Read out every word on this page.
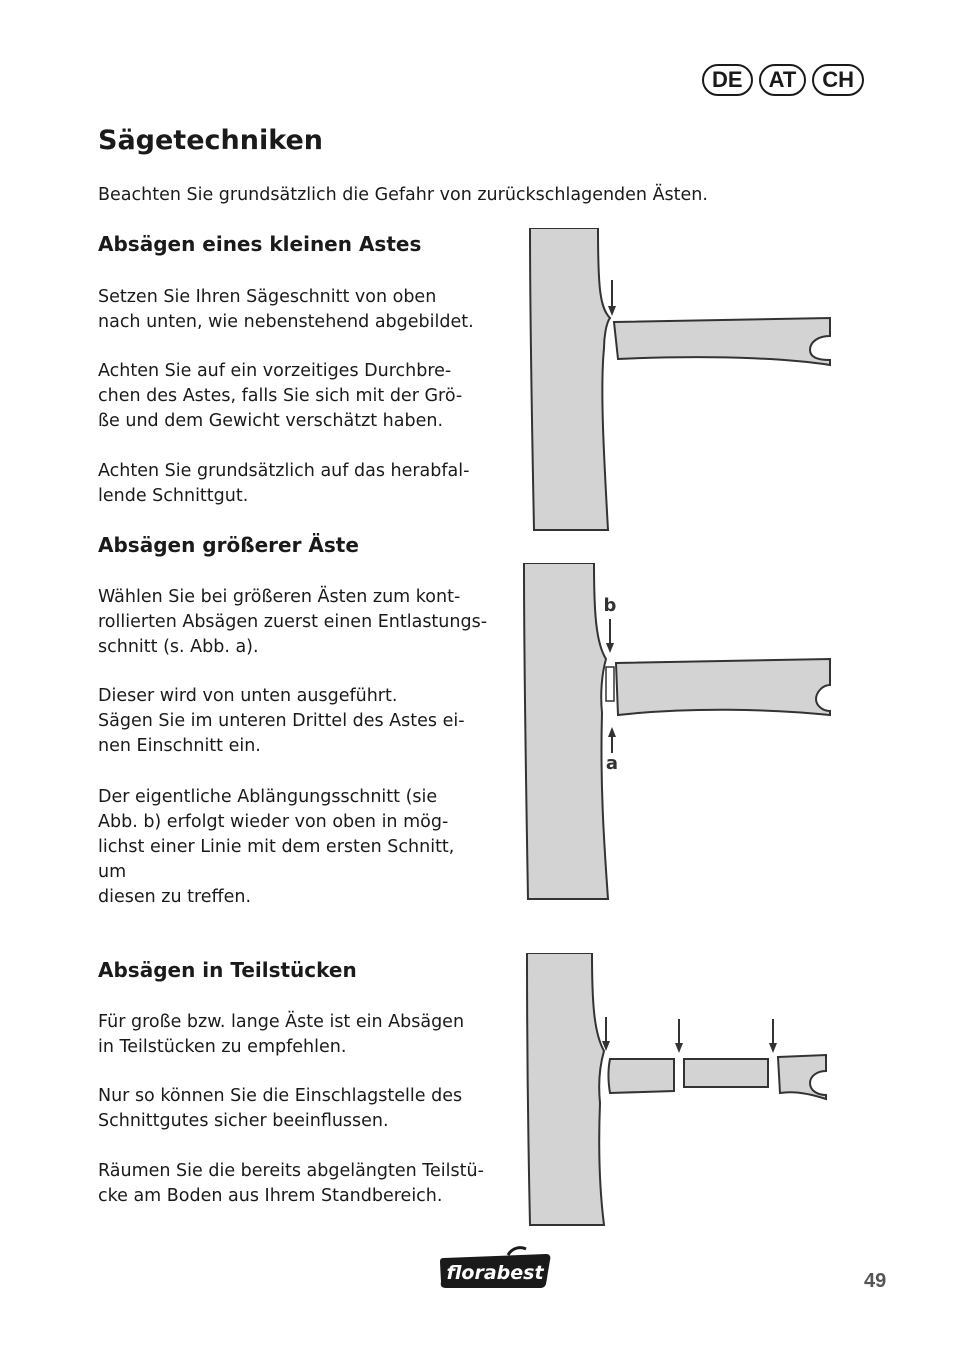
DE	AT	CH
Sägetechniken

Beachten Sie grundsätzlich die Gefahr von zurückschlagenden Ästen.

Absägen eines kleinen Astes

Setzen Sie Ihren Sägeschnitt von oben
nach unten, wie nebenstehend abgebildet.

Achten Sie auf ein vorzeitiges Durchbre-
chen des Astes, falls Sie sich mit der Grö-
ße und dem Gewicht verschätzt haben.

Achten Sie grundsätzlich auf das herabfal-
lende Schnittgut.

Absägen größerer Äste

Wählen Sie bei größeren Ästen zum kont-
rollierten Absägen zuerst einen Entlastungs-
schnitt (s. Abb. a).

Dieser wird von unten ausgeführt.
Sägen Sie im unteren Drittel des Astes ei-
nen Einschnitt ein.

Der eigentliche Ablängungsschnitt (sie
Abb. b) erfolgt wieder von oben in mög-
lichst einer Linie mit dem ersten Schnitt, um
diesen zu treffen.

b
a
Absägen in Teilstücken

Für große bzw. lange Äste ist ein Absägen
in Teilstücken zu empfehlen.

Nur so können Sie die Einschlagstelle des
Schnittgutes sicher beeinflussen.

Räumen Sie die bereits abgelängten Teilstü-
cke am Boden aus Ihrem Standbereich.

florabest	49
